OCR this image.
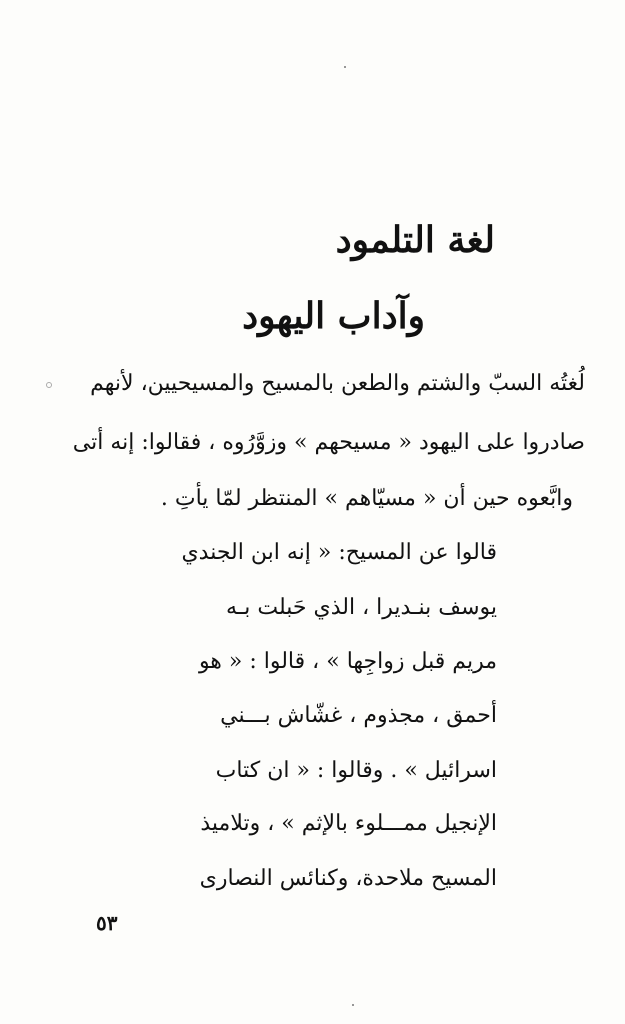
لغة التلمود
وآداب اليهود
لُغتُه السبّ والشتم والطعن بالمسيح والمسيحيين، لأنهم
صادروا على اليهود « مسيحهم » وزوَّرُوه ، فقالوا: إنه أتى
وابَّعوه حين أن « مسيّاهم » المنتظر لمّا يأتِ .
قالوا عن المسيح: « إنه ابن الجندي
يوسف بنـديرا ، الذي حَبلت بـه
مريم قبل زواجِها » ، قالوا : « هو
أحمق ، مجذوم ، غشّاش بـــني
اسرائيل » . وقالوا : « ان كتاب
الإنجيل ممـــلوء بالإثم » ، وتلاميذ
المسيح ملاحدة، وكنائس النصارى
٥٣
